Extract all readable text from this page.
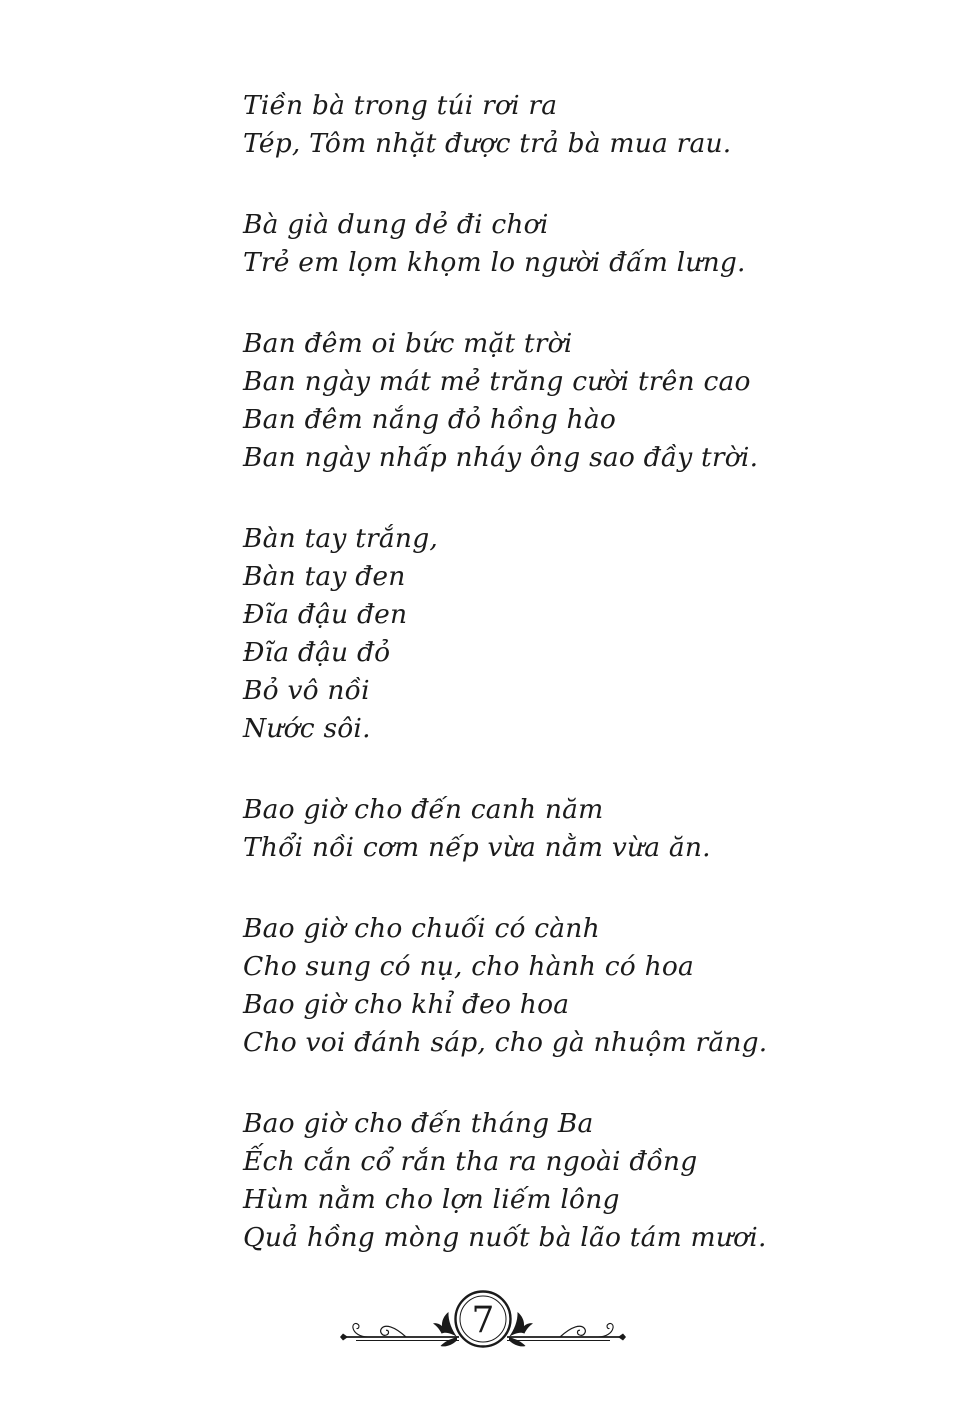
Tiền bà trong túi rơi ra
Tép, Tôm nhặt được trả bà mua rau.
Bà già dung dẻ đi chơi
Trẻ em lọm khọm lo người đấm lưng.
Ban đêm oi bức mặt trời
Ban ngày mát mẻ trăng cười trên cao
Ban đêm nắng đỏ hồng hào
Ban ngày nhấp nháy ông sao đầy trời.
Bàn tay trắng,
Bàn tay đen
Đĩa đậu đen
Đĩa đậu đỏ
Bỏ vô nồi
Nước sôi.
Bao giờ cho đến canh năm
Thổi nồi cơm nếp vừa nằm vừa ăn.
Bao giờ cho chuối có cành
Cho sung có nụ, cho hành có hoa
Bao giờ cho khỉ đeo hoa
Cho voi đánh sáp, cho gà nhuộm răng.
Bao giờ cho đến tháng Ba
Ếch cắn cổ rắn tha ra ngoài đồng
Hùm nằm cho lợn liếm lông
Quả hồng mòng nuốt bà lão tám mươi.
7
